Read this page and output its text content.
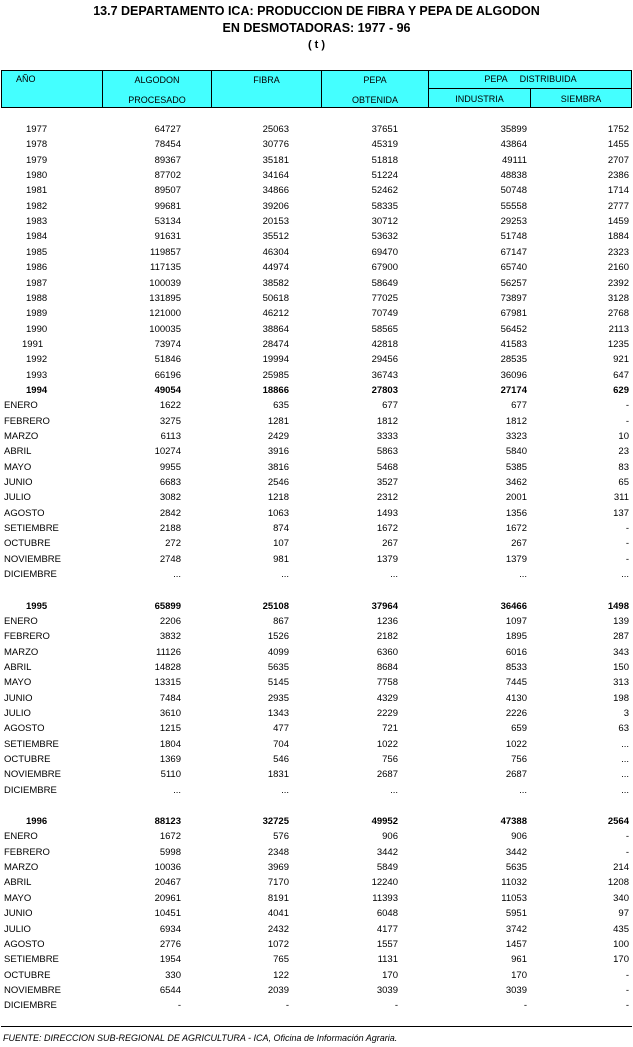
13.7 DEPARTAMENTO ICA: PRODUCCION DE FIBRA Y PEPA DE ALGODON
EN DESMOTADORAS: 1977 - 96
( t )
AÑO	ALGODON
PROCESADO
FIBRA	PEPA
OBTENIDA
PEPA     DISTRIBUIDA
INDUSTRIA	SIEMBRA
1977	64727	25063	37651	35899	1752
1978	78454	30776	45319	43864	1455
1979	89367	35181	51818	49111	2707
1980	87702	34164	51224	48838	2386
1981	89507	34866	52462	50748	1714
1982	99681	39206	58335	55558	2777
1983	53134	20153	30712	29253	1459
1984	91631	35512	53632	51748	1884
1985	119857	46304	69470	67147	2323
1986	117135	44974	67900	65740	2160
1987	100039	38582	58649	56257	2392
1988	131895	50618	77025	73897	3128
1989	121000	46212	70749	67981	2768
1990	100035	38864	58565	56452	2113
1991	73974	28474	42818	41583	1235
1992	51846	19994	29456	28535	921
1993	66196	25985	36743	36096	647
1994	49054	18866	27803	27174	629
ENERO	1622	635	677	677	-
FEBRERO	3275	1281	1812	1812	-
MARZO	6113	2429	3333	3323	10
ABRIL	10274	3916	5863	5840	23
MAYO	9955	3816	5468	5385	83
JUNIO	6683	2546	3527	3462	65
JULIO	3082	1218	2312	2001	311
AGOSTO	2842	1063	1493	1356	137
SETIEMBRE	2188	874	1672	1672	-
OCTUBRE	272	107	267	267	-
NOVIEMBRE	2748	981	1379	1379	-
DICIEMBRE	...	...	...	...	...
1995	65899	25108	37964	36466	1498
ENERO	2206	867	1236	1097	139
FEBRERO	3832	1526	2182	1895	287
MARZO	11126	4099	6360	6016	343
ABRIL	14828	5635	8684	8533	150
MAYO	13315	5145	7758	7445	313
JUNIO	7484	2935	4329	4130	198
JULIO	3610	1343	2229	2226	3
AGOSTO	1215	477	721	659	63
SETIEMBRE	1804	704	1022	1022	...
OCTUBRE	1369	546	756	756	...
NOVIEMBRE	5110	1831	2687	2687	...
DICIEMBRE	...	...	...	...	...
1996	88123	32725	49952	47388	2564
ENERO	1672	576	906	906	-
FEBRERO	5998	2348	3442	3442	-
MARZO	10036	3969	5849	5635	214
ABRIL	20467	7170	12240	11032	1208
MAYO	20961	8191	11393	11053	340
JUNIO	10451	4041	6048	5951	97
JULIO	6934	2432	4177	3742	435
AGOSTO	2776	1072	1557	1457	100
SETIEMBRE	1954	765	1131	961	170
OCTUBRE	330	122	170	170	-
NOVIEMBRE	6544	2039	3039	3039	-
DICIEMBRE	-	-	-	-	-
FUENTE: DIRECCION SUB-REGIONAL DE AGRICULTURA - ICA, Oficina de Información Agraria.
